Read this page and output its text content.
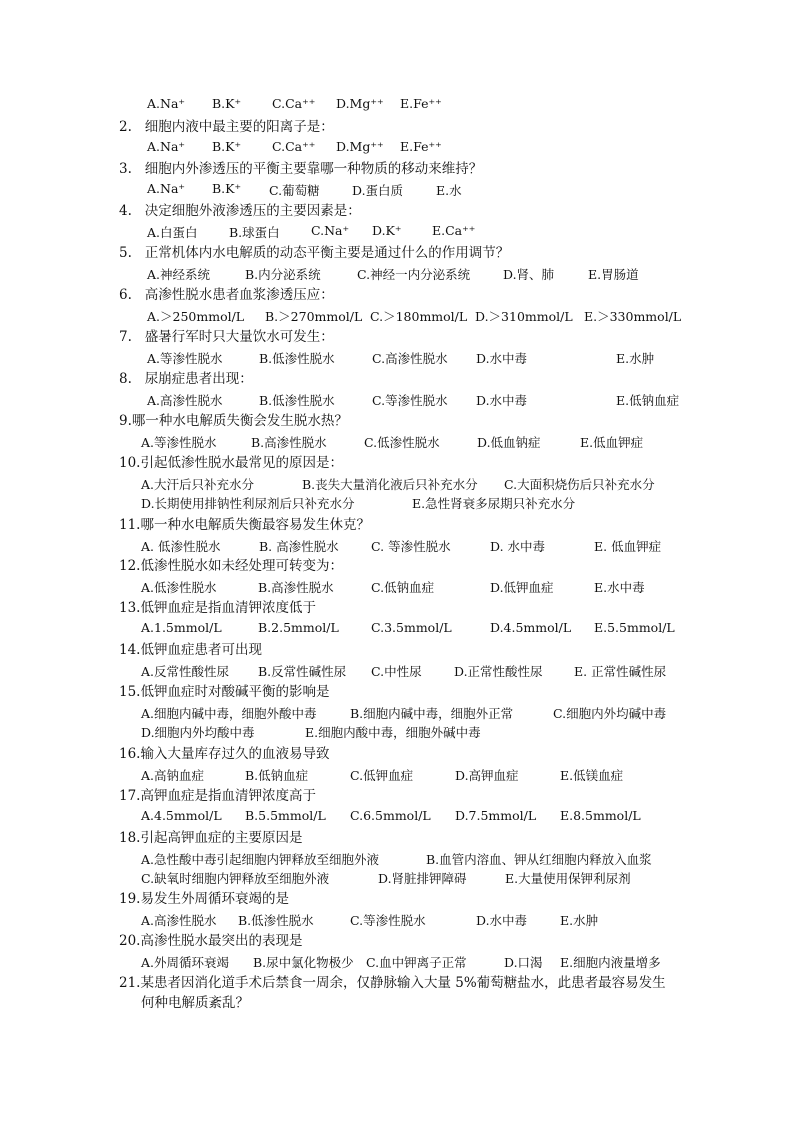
A.Na⁺ B.K⁺ C.Ca⁺⁺ D.Mg⁺⁺ E.Fe⁺⁺
2.   细胞内液中最主要的阳离子是：
A.Na⁺ B.K⁺ C.Ca⁺⁺ D.Mg⁺⁺ E.Fe⁺⁺
3.   细胞内外渗透压的平衡主要靠哪一种物质的移动来维持？
A.Na⁺ B.K⁺ C.葡萄糖	D.蛋白质	E.水
4.   决定细胞外液渗透压的主要因素是：
A.白蛋白	B.球蛋白	C.Na⁺ D.K⁺ E.Ca⁺⁺
5.   正常机体内水电解质的动态平衡主要是通过什么的作用调节？
A.神经系统	B.内分泌系统	C.神经一内分泌系统	D.肾、肺	E.胃肠道
6.   高渗性脱水患者血浆渗透压应：
A.＞250mmol/L B.＞270mmol/L C.＞180mmol/L D.＞310mmol/L E.＞330mmol/L
7.   盛暑行军时只大量饮水可发生：
A.等渗性脱水	B.低渗性脱水	C.高渗性脱水 D.水中毒	E.水肿
8.   尿崩症患者出现：
A.高渗性脱水	B.低渗性脱水	C.等渗性脱水 D.水中毒	E.低钠血症
9.哪一种水电解质失衡会发生脱水热？
A.等渗性脱水	B.高渗性脱水	C.低渗性脱水	D.低血钠症	E.低血钾症
10.引起低渗性脱水最常见的原因是：
A.大汗后只补充水分	B.丧失大量消化液后只补充水分 C.大面积烧伤后只补充水分
D.长期使用排钠性利尿剂后只补充水分	E.急性肾衰多尿期只补充水分
11.哪一种水电解质失衡最容易发生休克？
A. 低渗性脱水	B. 高渗性脱水	C. 等渗性脱水	D. 水中毒	E. 低血钾症
12.低渗性脱水如未经处理可转变为：
A.低渗性脱水	B.高渗性脱水	C.低钠血症	D.低钾血症	E.水中毒
13.低钾血症是指血清钾浓度低于
A.1.5mmol/L	B.2.5mmol/L	C.3.5mmol/L	D.4.5mmol/L E.5.5mmol/L
14.低钾血症患者可出现
A.反常性酸性尿 B.反常性碱性尿 C.中性尿	D.正常性酸性尿	E. 正常性碱性尿
15.低钾血症时对酸碱平衡的影响是
A.细胞内碱中毒，细胞外酸中毒	B.细胞内碱中毒，细胞外正常	C.细胞内外均碱中毒
D.细胞内外均酸中毒	E.细胞内酸中毒，细胞外碱中毒
16.输入大量库存过久的血液易导致
A.高钠血症	B.低钠血症	C.低钾血症	D.高钾血症	E.低镁血症
17.高钾血症是指血清钾浓度高于
A.4.5mmol/L B.5.5mmol/L C.6.5mmol/L D.7.5mmol/L E.8.5mmol/L
18.引起高钾血症的主要原因是
A.急性酸中毒引起细胞内钾释放至细胞外液	B.血管内溶血、钾从红细胞内释放入血浆
C.缺氧时细胞内钾释放至细胞外液	D.肾脏排钾障碍	E.大量使用保钾利尿剂
19.易发生外周循环衰竭的是
A.高渗性脱水 B.低渗性脱水	C.等渗性脱水	D.水中毒	E.水肿
20.高渗性脱水最突出的表现是
A.外周循环衰竭 B.尿中氯化物极少 C.血中钾离子正常	D.口渴 E.细胞内液量增多
21.某患者因消化道手术后禁食一周余，仅静脉输入大量 5%葡萄糖盐水，此患者最容易发生
何种电解质紊乱？
